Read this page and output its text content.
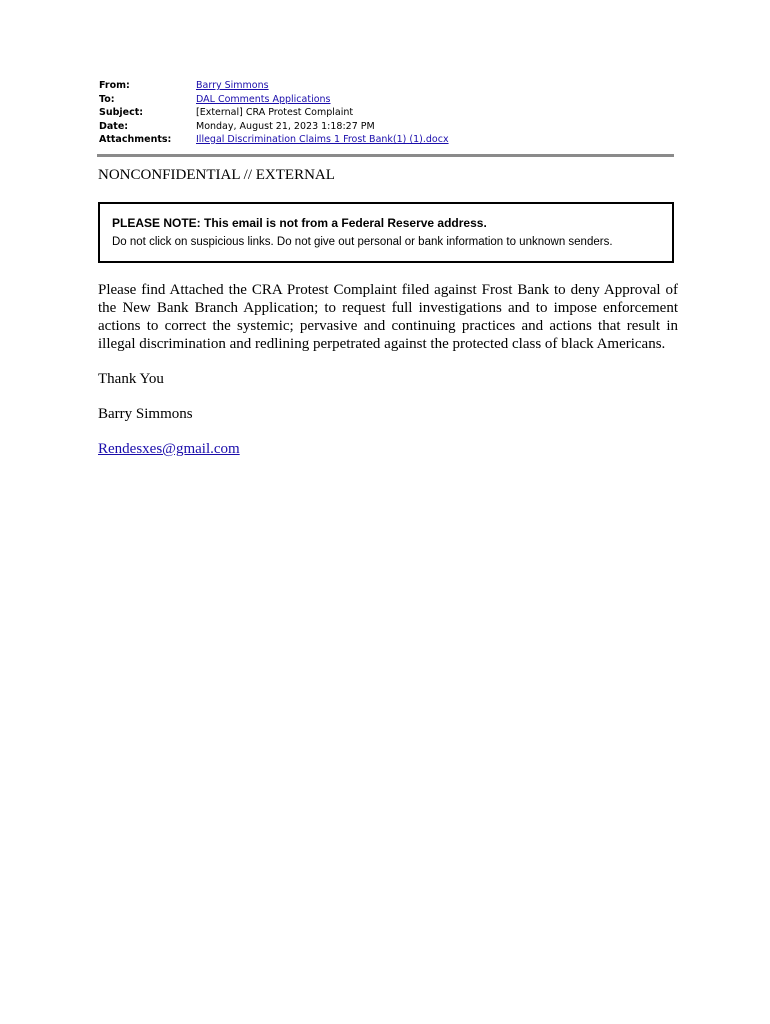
From:	Barry Simmons
To:	DAL Comments Applications
Subject:	[External] CRA Protest Complaint
Date:	Monday, August 21, 2023 1:18:27 PM
Attachments:	Illegal Discrimination Claims 1 Frost Bank(1) (1).docx
NONCONFIDENTIAL // EXTERNAL
PLEASE NOTE: This email is not from a Federal Reserve address.
Do not click on suspicious links. Do not give out personal or bank information to unknown senders.

Please find Attached the CRA Protest Complaint filed against Frost Bank to deny Approval of the New Bank Branch Application; to request full investigations and to impose enforcement actions to correct the systemic; pervasive and continuing practices and actions that result in illegal discrimination and redlining perpetrated against the protected class of black Americans.

Thank You

Barry Simmons

Rendesxes@gmail.com
